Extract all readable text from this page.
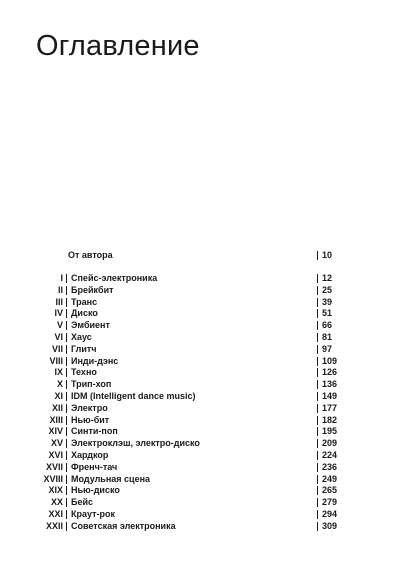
Оглавление
От автора	10
I Спейс-электроника	12
II Брейкбит	25
III Транс	39
IV Диско	51
V Эмбиент	66
VI Хаус	81
VII Глитч	97
VIII Инди-дэнс	109
IX Техно	126
X Трип-хоп	136
XI IDM (Intelligent dance music)	149
XII Электро	177
XIII Нью-бит	182
XIV Синти-поп	195
XV Электроклэш, электро-диско	209
XVI Хардкор	224
XVII Френч-тач	236
XVIII Модульная сцена	249
XIX Нью-диско	265
XX Бейс	279
XXI Краут-рок	294
XXII Советская электроника	309
